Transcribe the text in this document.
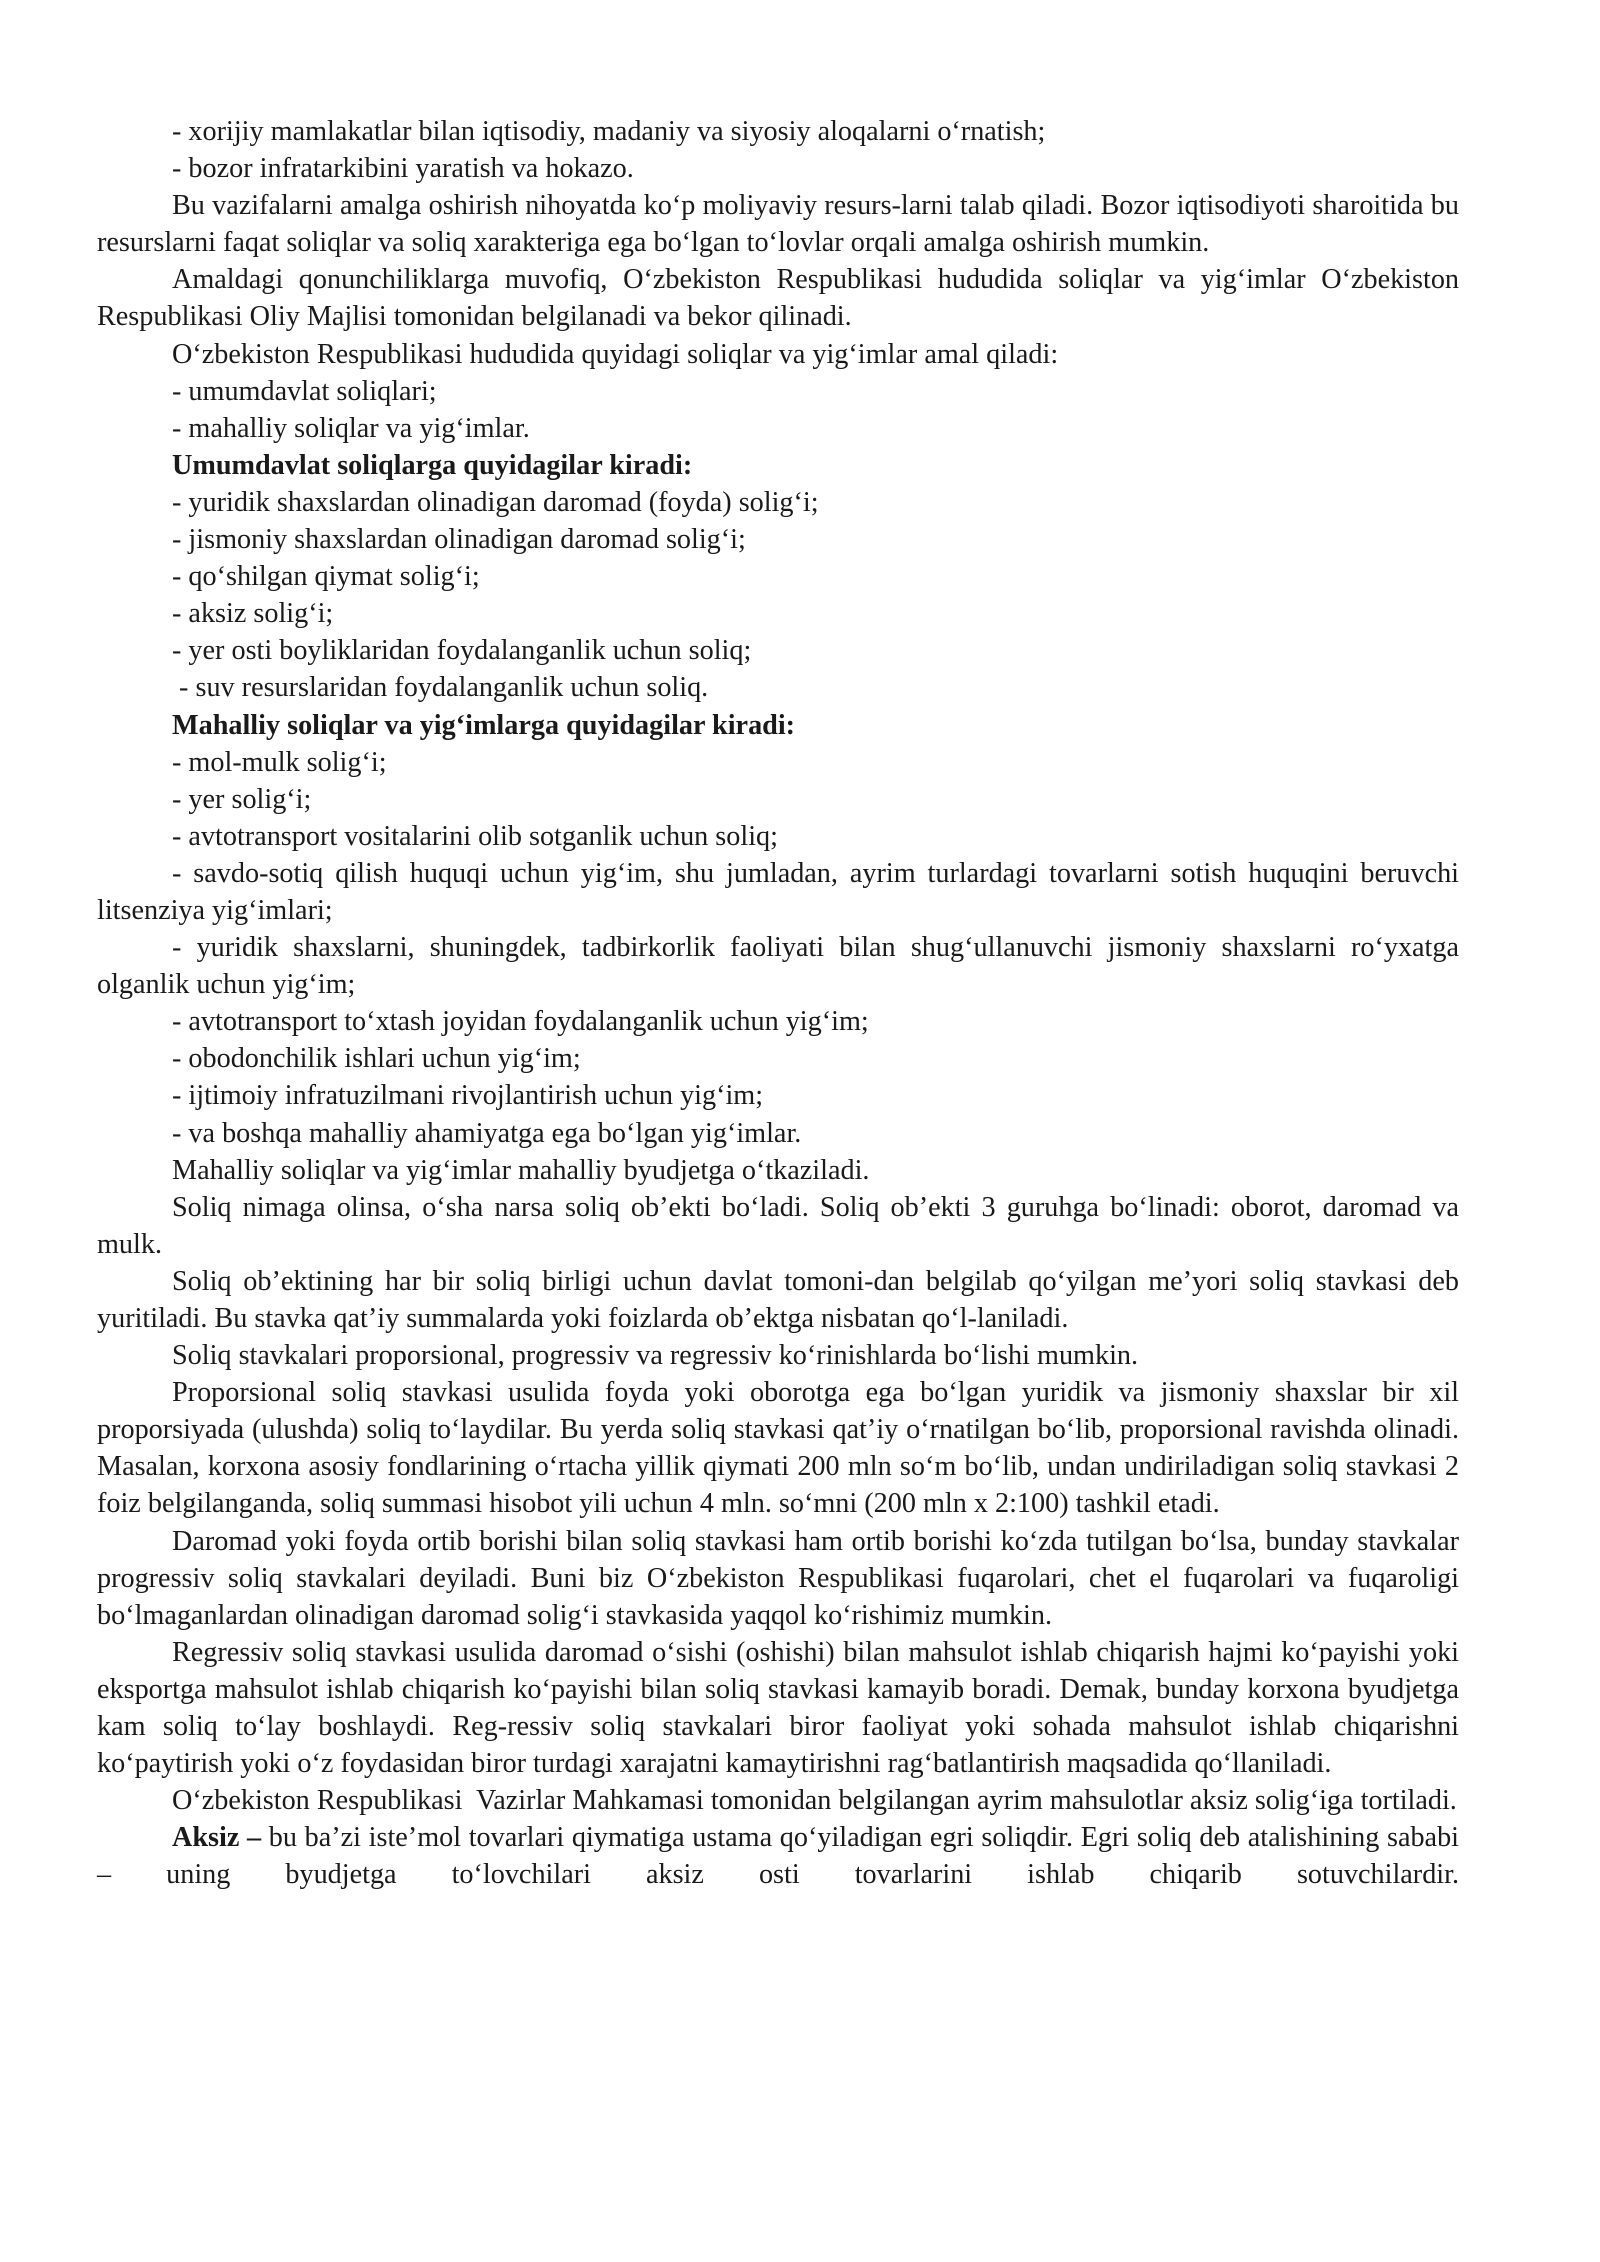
- xorijiy mamlakatlar bilan iqtisodiy, madaniy va siyosiy aloqalarni o‘rnatish;

- bozor infratarkibini yaratish va hokazo.

Bu vazifalarni amalga oshirish nihoyatda ko‘p moliyaviy resurs-larni talab qiladi. Bozor iqtisodiyoti sharoitida bu resurslarni faqat soliqlar va soliq xarakteriga ega bo‘lgan to‘lovlar orqali amalga oshirish mumkin.

Amaldagi qonunchiliklarga muvofiq, O‘zbekiston Respublikasi hududida soliqlar va yig‘imlar O‘zbekiston Respublikasi Oliy Majlisi tomonidan belgilanadi va bekor qilinadi.

O‘zbekiston Respublikasi hududida quyidagi soliqlar va yig‘imlar amal qiladi:

- umumdavlat soliqlari;

- mahalliy soliqlar va yig‘imlar.

Umumdavlat soliqlarga quyidagilar kiradi:

- yuridik shaxslardan olinadigan daromad (foyda) solig‘i;

- jismoniy shaxslardan olinadigan daromad solig‘i;

- qo‘shilgan qiymat solig‘i;

- aksiz solig‘i;

- yer osti boyliklaridan foydalanganlik uchun soliq;

- suv resurslaridan foydalanganlik uchun soliq.

Mahalliy soliqlar va yig‘imlarga quyidagilar kiradi:

- mol-mulk solig‘i;

- yer solig‘i;

- avtotransport vositalarini olib sotganlik uchun soliq;

- savdo-sotiq qilish huquqi uchun yig‘im, shu jumladan, ayrim turlardagi tovarlarni sotish huquqini beruvchi litsenziya yig‘imlari;

- yuridik shaxslarni, shuningdek, tadbirkorlik faoliyati bilan shug‘ullanuvchi jismoniy shaxslarni ro‘yxatga olganlik uchun yig‘im;

- avtotransport to‘xtash joyidan foydalanganlik uchun yig‘im;

- obodonchilik ishlari uchun yig‘im;

- ijtimoiy infratuzilmani rivojlantirish uchun yig‘im;

- va boshqa mahalliy ahamiyatga ega bo‘lgan yig‘imlar.

Mahalliy soliqlar va yig‘imlar mahalliy byudjetga o‘tkaziladi.

Soliq nimaga olinsa, o‘sha narsa soliq ob’ekti bo‘ladi. Soliq ob’ekti 3 guruhga bo‘linadi: oborot, daromad va mulk.

Soliq ob’ektining har bir soliq birligi uchun davlat tomoni-dan belgilab qo‘yilgan me’yori soliq stavkasi deb yuritiladi. Bu stavka qat’iy summalarda yoki foizlarda ob’ektga nisbatan qo‘l-laniladi.

Soliq stavkalari proporsional, progressiv va regressiv ko‘rinishlarda bo‘lishi mumkin.

Proporsional soliq stavkasi usulida foyda yoki oborotga ega bo‘lgan yuridik va jismoniy shaxslar bir xil proporsiyada (ulushda) soliq to‘laydilar. Bu yerda soliq stavkasi qat’iy o‘rnatilgan bo‘lib, proporsional ravishda olinadi. Masalan, korxona asosiy fondlarining o‘rtacha yillik qiymati 200 mln so‘m bo‘lib, undan undiriladigan soliq stavkasi 2 foiz belgilanganda, soliq summasi hisobot yili uchun 4 mln. so‘mni (200 mln x 2:100) tashkil etadi.

Daromad yoki foyda ortib borishi bilan soliq stavkasi ham ortib borishi ko‘zda tutilgan bo‘lsa, bunday stavkalar progressiv soliq stavkalari deyiladi. Buni biz O‘zbekiston Respublikasi fuqarolari, chet el fuqarolari va fuqaroligi bo‘lmaganlardan olinadigan daromad solig‘i stavkasida yaqqol ko‘rishimiz mumkin.

Regressiv soliq stavkasi usulida daromad o‘sishi (oshishi) bilan mahsulot ishlab chiqarish hajmi ko‘payishi yoki eksportga mahsulot ishlab chiqarish ko‘payishi bilan soliq stavkasi kamayib boradi. Demak, bunday korxona byudjetga kam soliq to‘lay boshlaydi. Reg-ressiv soliq stavkalari biror faoliyat yoki sohada mahsulot ishlab chiqarishni ko‘paytirish yoki o‘z foydasidan biror turdagi xarajatni kamaytirishni rag‘batlantirish maqsadida qo‘llaniladi.

O‘zbekiston Respublikasi  Vazirlar Mahkamasi tomonidan belgilangan ayrim mahsulotlar aksiz solig‘iga tortiladi.

Aksiz – bu ba’zi iste’mol tovarlari qiymatiga ustama qo‘yiladigan egri soliqdir. Egri soliq deb atalishining sababi – uning byudjetga to‘lovchilari aksiz osti tovarlarini ishlab chiqarib sotuvchilardir.
